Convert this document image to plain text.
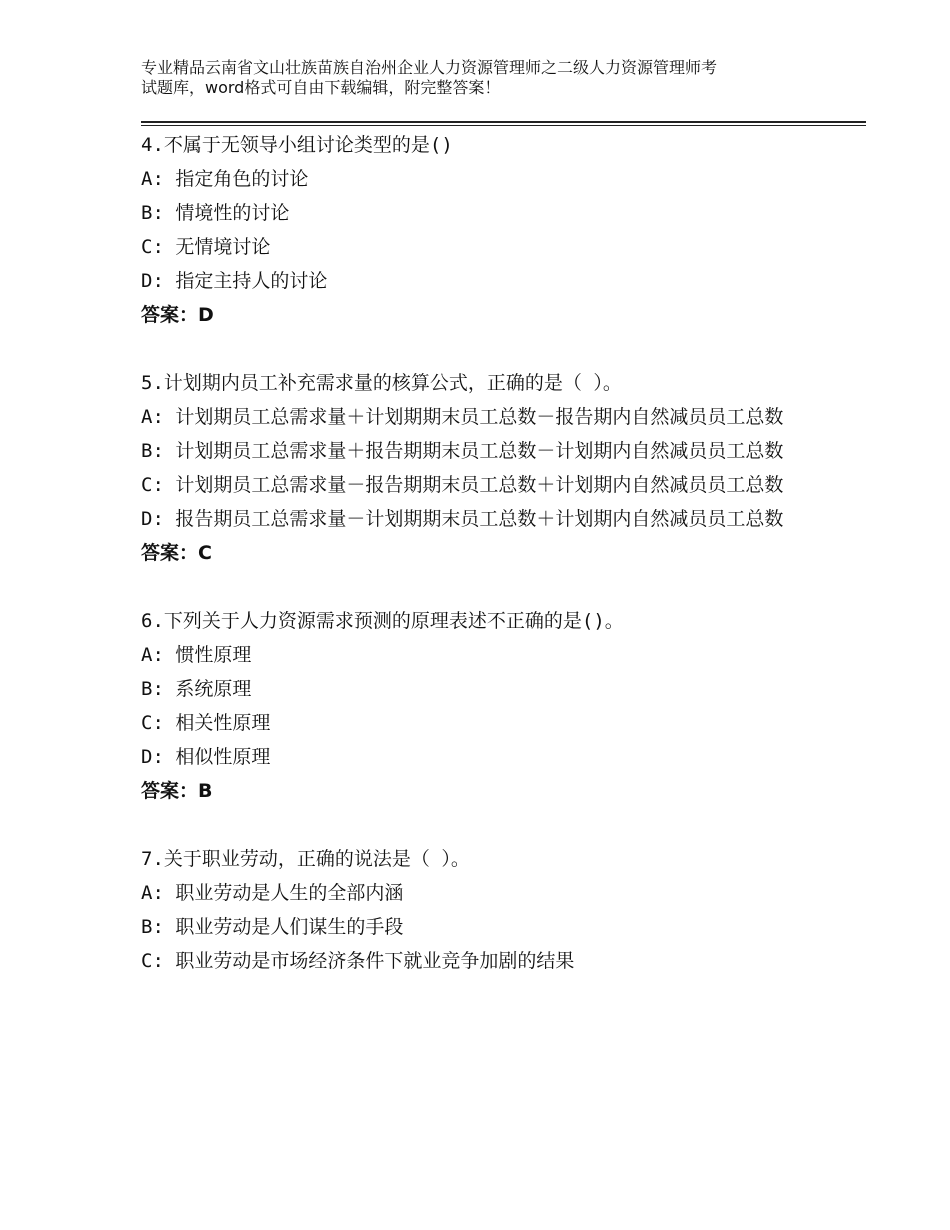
专业精品云南省文山壮族苗族自治州企业人力资源管理师之二级人力资源管理师考
试题库，word格式可自由下载编辑，附完整答案！
4.不属于无领导小组讨论类型的是()
A: 指定角色的讨论
B: 情境性的讨论
C: 无情境讨论
D: 指定主持人的讨论
答案：D
5.计划期内员工补充需求量的核算公式，正确的是（ ）。
A: 计划期员工总需求量＋计划期期末员工总数－报告期内自然减员员工总数
B: 计划期员工总需求量＋报告期期末员工总数－计划期内自然减员员工总数
C: 计划期员工总需求量－报告期期末员工总数＋计划期内自然减员员工总数
D: 报告期员工总需求量－计划期期末员工总数＋计划期内自然减员员工总数
答案：C
6.下列关于人力资源需求预测的原理表述不正确的是()。
A: 惯性原理
B: 系统原理
C: 相关性原理
D: 相似性原理
答案：B
7.关于职业劳动，正确的说法是（ ）。
A: 职业劳动是人生的全部内涵
B: 职业劳动是人们谋生的手段
C: 职业劳动是市场经济条件下就业竞争加剧的结果
